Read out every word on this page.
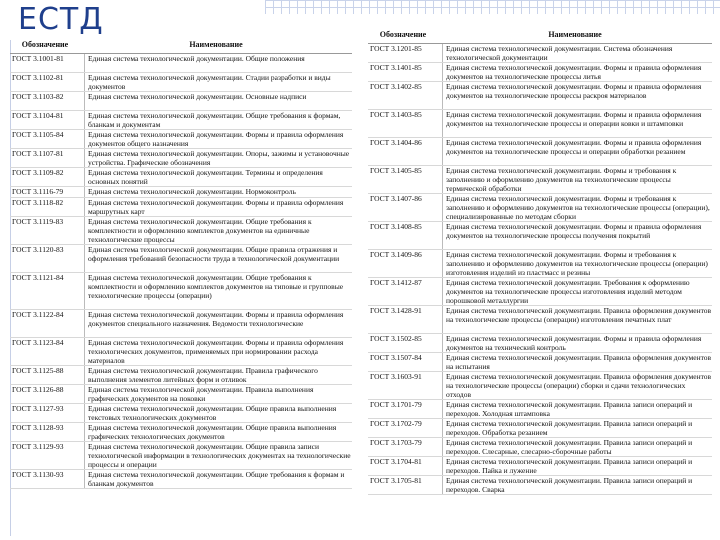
ЕСТД
Обозначение	Наименование
ГОСТ 3.1001-81	Единая система технологической документации. Общие положения
ГОСТ 3.1102-81	Единая система технологической документации. Стадии разработки и виды документов
ГОСТ 3.1103-82	Единая система технологической документации. Основные надписи
ГОСТ 3.1104-81	Единая система технологической документации. Общие требования к формам, бланкам и документам
ГОСТ 3.1105-84	Единая система технологической документации. Формы и правила оформления документов общего назначения
ГОСТ 3.1107-81	Единая система технологической документации. Опоры, зажимы и установочные устройства. Графические обозначения
ГОСТ 3.1109-82	Единая система технологической документации. Термины и определения основных понятий
ГОСТ 3.1116-79	Единая система технологической документации. Нормоконтроль
ГОСТ 3.1118-82	Единая система технологической документации. Формы и правила оформления маршрутных карт
ГОСТ 3.1119-83	Единая система технологической документации. Общие требования к комплектности и оформлению комплектов документов на единичные технологические процессы
ГОСТ 3.1120-83	Единая система технологической документации. Общие правила отражения и оформления требований безопасности труда в технологической документации
ГОСТ 3.1121-84	Единая система технологической документации. Общие требования к комплектности и оформлению комплектов документов на типовые и групповые технологические процессы (операции)
ГОСТ 3.1122-84	Единая система технологической документации. Формы и правила оформления документов специального назначения. Ведомости технологические
ГОСТ 3.1123-84	Единая система технологической документации. Формы и правила оформления технологических документов, применяемых при нормировании расхода материалов
ГОСТ 3.1125-88	Единая система технологической документации. Правила графического выполнения элементов литейных форм и отливок
ГОСТ 3.1126-88	Единая система технологической документации. Правила выполнения графических документов на поковки
ГОСТ 3.1127-93	Единая система технологической документации. Общие правила выполнения текстовых технологических документов
ГОСТ 3.1128-93	Единая система технологической документации. Общие правила выполнения графических технологических документов
ГОСТ 3.1129-93	Единая система технологической документации. Общие правила записи технологической информации в технологических документах на технологические процессы и операции
ГОСТ 3.1130-93	Единая система технологической документации. Общие требования к формам и бланкам документов
Обозначение	Наименование
ГОСТ 3.1201-85	Единая система технологической документации. Система обозначения технологической документации
ГОСТ 3.1401-85	Единая система технологической документации. Формы и правила оформления документов на технологические процессы литья
ГОСТ 3.1402-85	Единая система технологической документации. Формы и правила оформления документов на технологические процессы раскроя материалов
ГОСТ 3.1403-85	Единая система технологической документации. Формы и правила оформления документов на технологические процессы и операции ковки и штамповки
ГОСТ 3.1404-86	Единая система технологической документации. Формы и правила оформления документов на технологические процессы и операции обработки резанием
ГОСТ 3.1405-85	Единая система технологической документации. Формы и требования к заполнению и оформлению документов на технологические процессы термической обработки
ГОСТ 3.1407-86	Единая система технологической документации. Формы и требования к заполнению и оформлению документов на технологические процессы (операции), специализированные по методам сборки
ГОСТ 3.1408-85	Единая система технологической документации. Формы и правила оформления документов на технологические процессы получения покрытий
ГОСТ 3.1409-86	Единая система технологической документации. Формы и требования к заполнению и оформлению документов на технологические процессы (операции) изготовления изделий из пластмасс и резины
ГОСТ 3.1412-87	Единая система технологической документации. Требования к оформлению документов на технологические процессы изготовления изделий методом порошковой металлургии
ГОСТ 3.1428-91	Единая система технологической документации. Правила оформления документов на технологические процессы (операции) изготовления печатных плат
ГОСТ 3.1502-85	Единая система технологической документации. Формы и правила оформления документов на технический контроль
ГОСТ 3.1507-84	Единая система технологической документации. Правила оформления документов на испытания
ГОСТ 3.1603-91	Единая система технологической документации. Правила оформления документов на технологические процессы (операции) сборки и сдачи технологических отходов
ГОСТ 3.1701-79	Единая система технологической документации. Правила записи операций и переходов. Холодная штамповка
ГОСТ 3.1702-79	Единая система технологической документации. Правила записи операций и переходов. Обработка резанием
ГОСТ 3.1703-79	Единая система технологической документации. Правила записи операций и переходов. Слесарные, слесарно-сборочные работы
ГОСТ 3.1704-81	Единая система технологической документации. Правила записи операций и переходов. Пайка и лужение
ГОСТ 3.1705-81	Единая система технологической документации. Правила записи операций и переходов. Сварка
